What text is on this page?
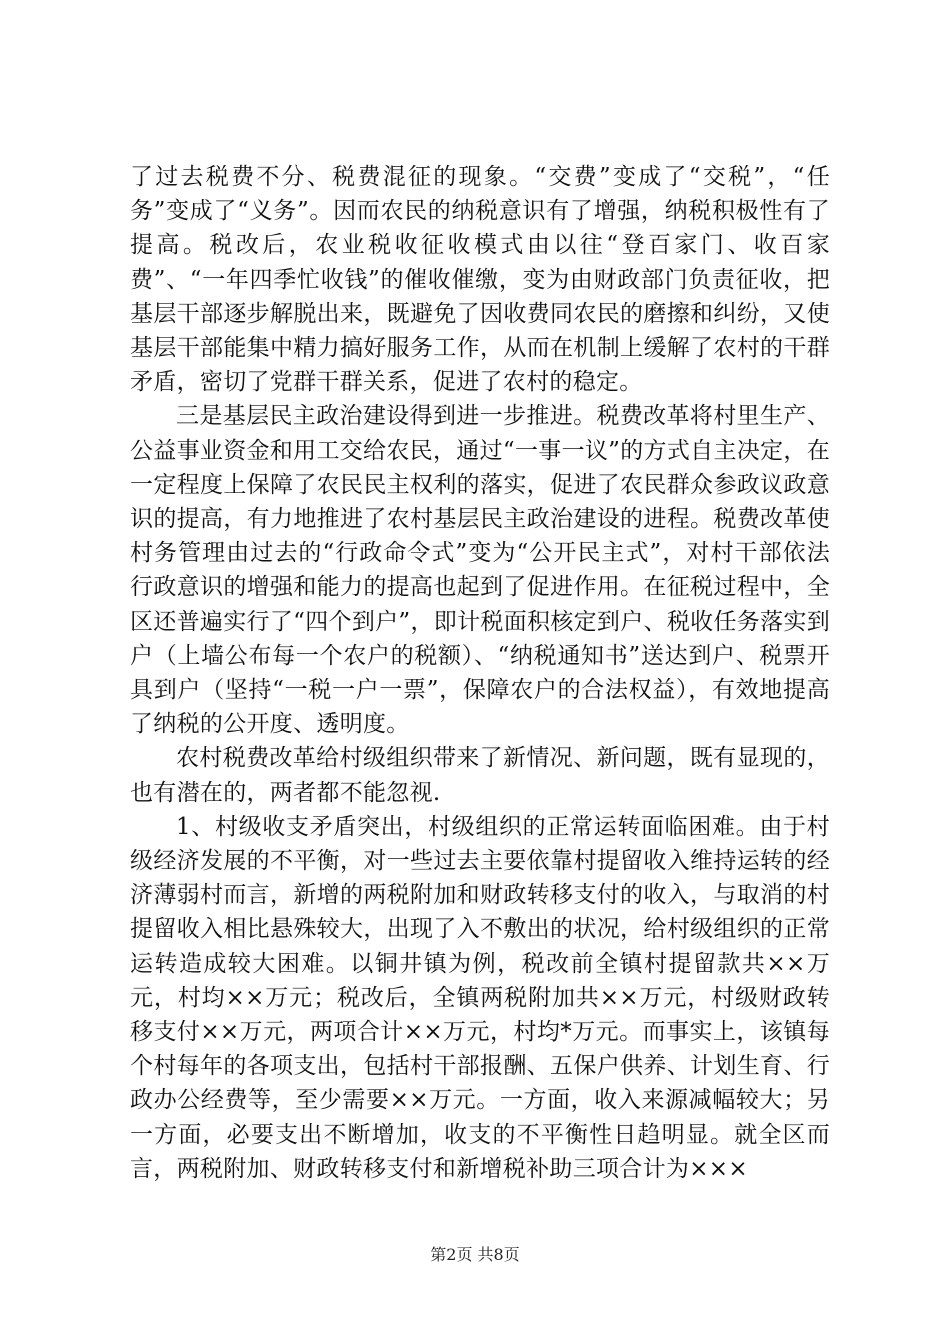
了过去税费不分、税费混征的现象。“交费”变成了“交税”，“任务”变成了“义务”。因而农民的纳税意识有了增强，纳税积极性有了提高。税改后，农业税收征收模式由以往“登百家门、收百家费”、“一年四季忙收钱”的催收催缴，变为由财政部门负责征收，把基层干部逐步解脱出来，既避免了因收费同农民的磨擦和纠纷，又使基层干部能集中精力搞好服务工作，从而在机制上缓解了农村的干群矛盾，密切了党群干群关系，促进了农村的稳定。

三是基层民主政治建设得到进一步推进。税费改革将村里生产、公益事业资金和用工交给农民，通过“一事一议”的方式自主决定，在一定程度上保障了农民民主权利的落实，促进了农民群众参政议政意识的提高，有力地推进了农村基层民主政治建设的进程。税费改革使村务管理由过去的“行政命令式”变为“公开民主式”，对村干部依法行政意识的增强和能力的提高也起到了促进作用。在征税过程中，全区还普遍实行了“四个到户”，即计税面积核定到户、税收任务落实到户（上墙公布每一个农户的税额）、“纳税通知书”送达到户、税票开具到户（坚持“一税一户一票”，保障农户的合法权益），有效地提高了纳税的公开度、透明度。

农村税费改革给村级组织带来了新情况、新问题，既有显现的，也有潜在的，两者都不能忽视.

1、村级收支矛盾突出，村级组织的正常运转面临困难。由于村级经济发展的不平衡，对一些过去主要依靠村提留收入维持运转的经济薄弱村而言，新增的两税附加和财政转移支付的收入，与取消的村提留收入相比悬殊较大，出现了入不敷出的状况，给村级组织的正常运转造成较大困难。以铜井镇为例，税改前全镇村提留款共××万元，村均××万元；税改后，全镇两税附加共××万元，村级财政转移支付××万元，两项合计××万元，村均*万元。而事实上，该镇每个村每年的各项支出，包括村干部报酬、五保户供养、计划生育、行政办公经费等，至少需要××万元。一方面，收入来源减幅较大；另一方面，必要支出不断增加，收支的不平衡性日趋明显。就全区而言，两税附加、财政转移支付和新增税补助三项合计为×××

第2页 共8页
